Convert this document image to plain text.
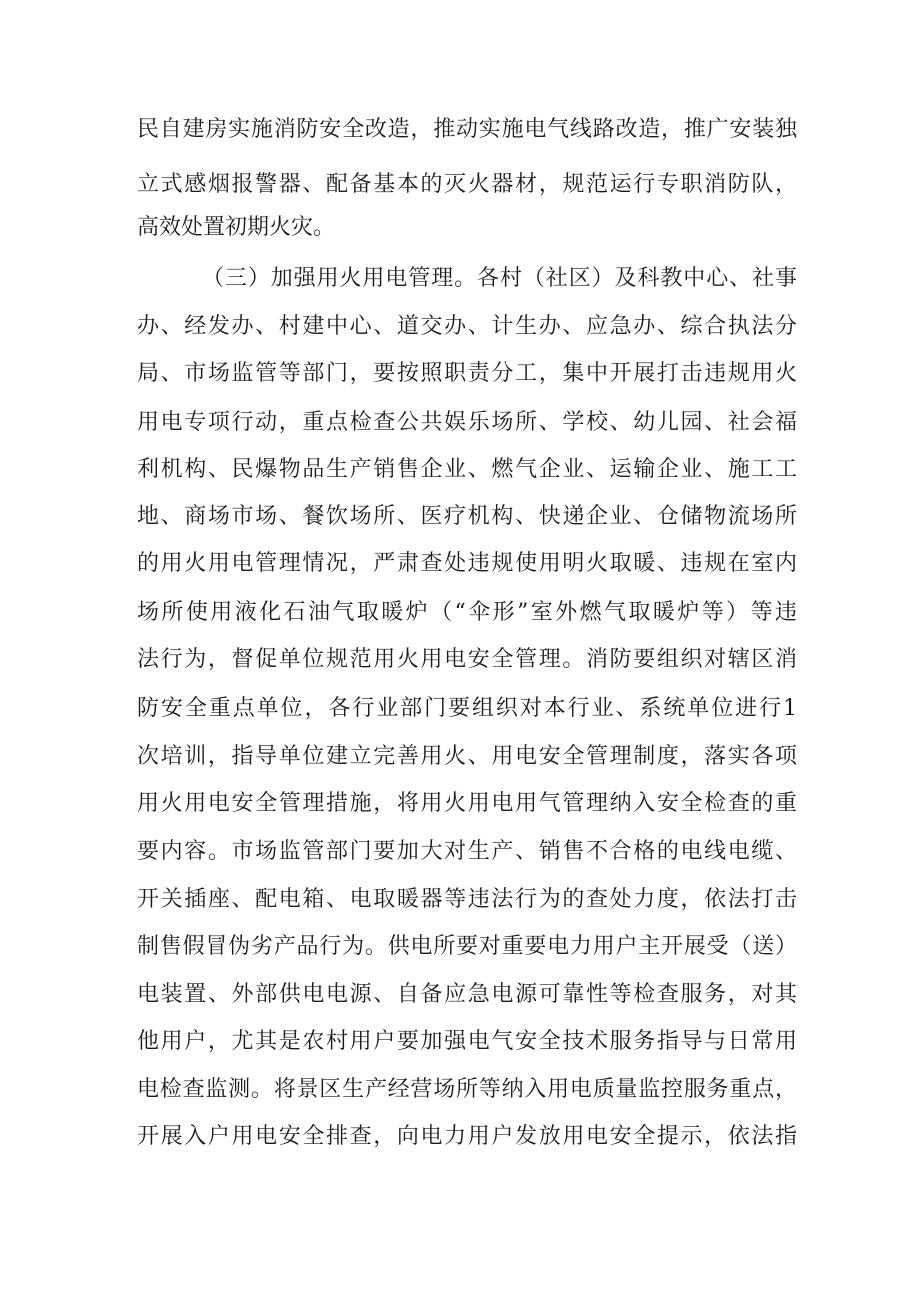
民自建房实施消防安全改造，推动实施电气线路改造，推广安装独
立式感烟报警器、配备基本的灭火器材，规范运行专职消防队，
高效处置初期火灾。
（三）加强用火用电管理。各村（社区）及科教中心、社事
办、经发办、村建中心、道交办、计生办、应急办、综合执法分
局、市场监管等部门，要按照职责分工，集中开展打击违规用火
用电专项行动，重点检查公共娱乐场所、学校、幼儿园、社会福
利机构、民爆物品生产销售企业、燃气企业、运输企业、施工工
地、商场市场、餐饮场所、医疗机构、快递企业、仓储物流场所
的用火用电管理情况，严肃查处违规使用明火取暖、违规在室内
场所使用液化石油气取暖炉（“伞形”室外燃气取暖炉等）等违
法行为，督促单位规范用火用电安全管理。消防要组织对辖区消
防安全重点单位，各行业部门要组织对本行业、系统单位进行1
次培训，指导单位建立完善用火、用电安全管理制度，落实各项
用火用电安全管理措施，将用火用电用气管理纳入安全检查的重
要内容。市场监管部门要加大对生产、销售不合格的电线电缆、
开关插座、配电箱、电取暖器等违法行为的查处力度，依法打击
制售假冒伪劣产品行为。供电所要对重要电力用户主开展受（送）
电装置、外部供电电源、自备应急电源可靠性等检查服务，对其
他用户，尤其是农村用户要加强电气安全技术服务指导与日常用
电检查监测。将景区生产经营场所等纳入用电质量监控服务重点，
开展入户用电安全排查，向电力用户发放用电安全提示，依法指
